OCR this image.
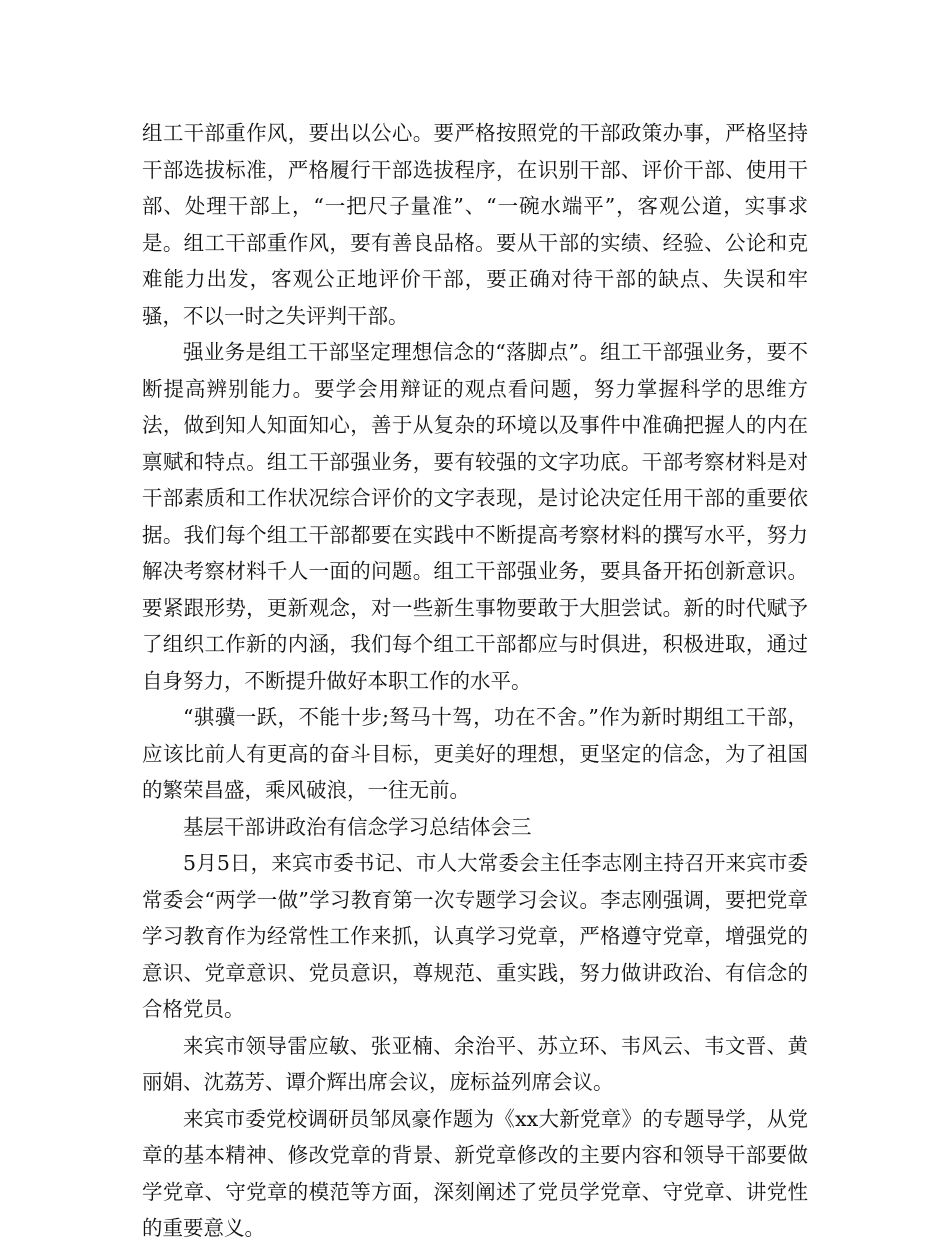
组工干部重作风，要出以公心。要严格按照党的干部政策办事，严格坚持干部选拔标准，严格履行干部选拔程序，在识别干部、评价干部、使用干部、处理干部上，“一把尺子量准”、“一碗水端平”，客观公道，实事求是。组工干部重作风，要有善良品格。要从干部的实绩、经验、公论和克难能力出发，客观公正地评价干部，要正确对待干部的缺点、失误和牢骚，不以一时之失评判干部。

强业务是组工干部坚定理想信念的“落脚点”。组工干部强业务，要不断提高辨别能力。要学会用辩证的观点看问题，努力掌握科学的思维方法，做到知人知面知心，善于从复杂的环境以及事件中准确把握人的内在禀赋和特点。组工干部强业务，要有较强的文字功底。干部考察材料是对干部素质和工作状况综合评价的文字表现，是讨论决定任用干部的重要依据。我们每个组工干部都要在实践中不断提高考察材料的撰写水平，努力解决考察材料千人一面的问题。组工干部强业务，要具备开拓创新意识。要紧跟形势，更新观念，对一些新生事物要敢于大胆尝试。新的时代赋予了组织工作新的内涵，我们每个组工干部都应与时俱进，积极进取，通过自身努力，不断提升做好本职工作的水平。

“骐骥一跃，不能十步;驽马十驾，功在不舍。”作为新时期组工干部，应该比前人有更高的奋斗目标，更美好的理想，更坚定的信念，为了祖国的繁荣昌盛，乘风破浪，一往无前。

基层干部讲政治有信念学习总结体会三

5月5日，来宾市委书记、市人大常委会主任李志刚主持召开来宾市委常委会“两学一做”学习教育第一次专题学习会议。李志刚强调，要把党章学习教育作为经常性工作来抓，认真学习党章，严格遵守党章，增强党的意识、党章意识、党员意识，尊规范、重实践，努力做讲政治、有信念的合格党员。

来宾市领导雷应敏、张亚楠、余治平、苏立环、韦风云、韦文晋、黄丽娟、沈荔芳、谭介辉出席会议，庞标益列席会议。

来宾市委党校调研员邹凤豪作题为《xx大新党章》的专题导学，从党章的基本精神、修改党章的背景、新党章修改的主要内容和领导干部要做学党章、守党章的模范等方面，深刻阐述了党员学党章、守党章、讲党性的重要意义。
